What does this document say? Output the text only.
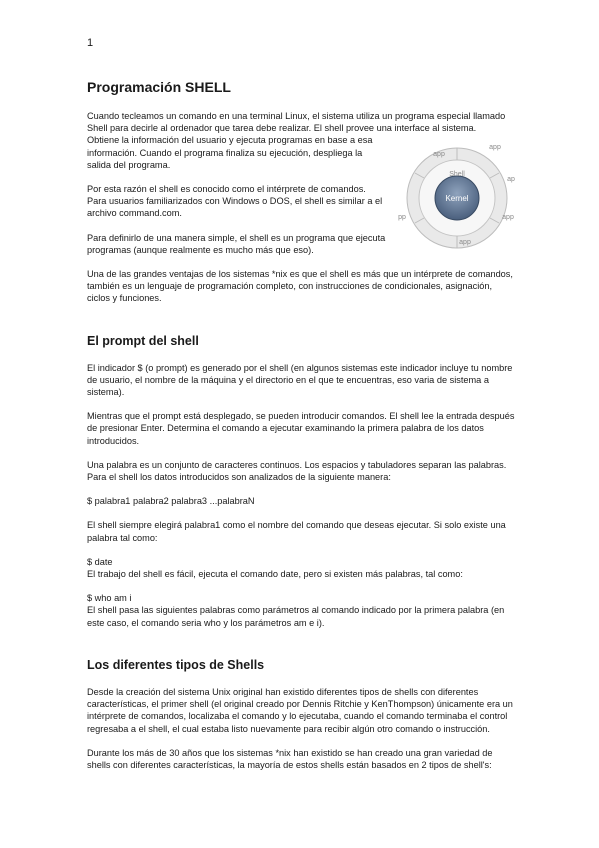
1
Shell
Kernel
app
app
ap
pp	app
app
Programación SHELL

Cuando tecleamos un comando en una terminal Linux, el sistema utiliza un programa especial llamado Shell para decirle al ordenador que tarea debe realizar. El shell provee una interface al sistema.

Obtiene la información del usuario y ejecuta programas en base a esa información. Cuando el programa finaliza su ejecución, despliega la salida del programa.

Por esta razón el shell es conocido como el intérprete de comandos. Para usuarios familiarizados con Windows o DOS, el shell es similar a el archivo command.com.

Para definirlo de una manera simple, el shell es un programa que ejecuta programas (aunque realmente es mucho más que eso).

Una de las grandes ventajas de los sistemas *nix es que el shell es más que un intérprete de comandos, también es un lenguaje de programación completo, con instrucciones de condicionales, asignación, ciclos y funciones.

El prompt del shell

El indicador $ (o prompt) es generado por el shell (en algunos sistemas este indicador incluye tu nombre de usuario, el nombre de la máquina y el directorio en el que te encuentras, eso varia de sistema a sistema).

Mientras que el prompt está desplegado, se pueden introducir comandos. El shell lee la entrada después de presionar Enter. Determina el comando a ejecutar examinando la primera palabra de los datos introducidos.

Una palabra es un conjunto de caracteres continuos. Los espacios y tabuladores separan las palabras. Para el shell los datos introducidos son analizados de la siguiente manera:

$ palabra1 palabra2 palabra3 ...palabraN

El shell siempre elegirá palabra1 como el nombre del comando que deseas ejecutar. Si solo existe una palabra tal como:

$ date

El trabajo del shell es fácil, ejecuta el comando date, pero si existen más palabras, tal como:

$ who am i

El shell pasa las siguientes palabras como parámetros al comando indicado por la primera palabra (en este caso, el comando seria who y los parámetros am e i).

Los diferentes tipos de Shells

Desde la creación del sistema Unix original han existido diferentes tipos de shells con diferentes características, el primer shell (el original creado por Dennis Ritchie y KenThompson) únicamente era un intérprete de comandos, localizaba el comando y lo ejecutaba, cuando el comando terminaba el control regresaba a el shell, el cual estaba listo nuevamente para recibir algún otro comando o instrucción.

Durante los más de 30 años que los sistemas *nix han existido se han creado una gran variedad de shells con diferentes características, la mayoría de estos shells están basados en 2 tipos de shell's:
